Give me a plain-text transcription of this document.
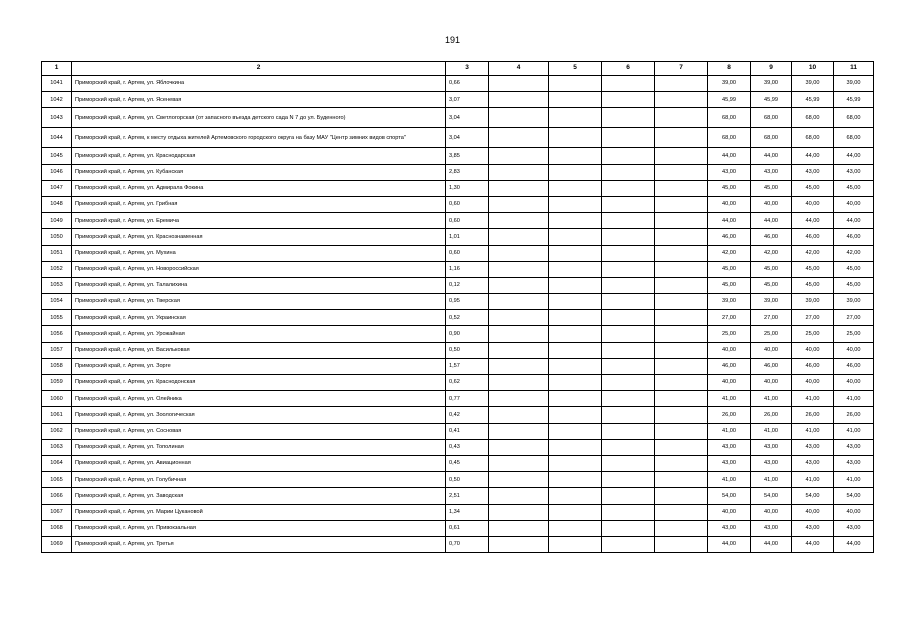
191
1	2	3	4	5	6	7	8	9	10	11
1041	Приморский край, г. Артем, ул. Яблочкина	0,66					39,00	39,00	39,00	39,00
1042	Приморский край, г. Артем, ул. Ясеневая	3,07					45,99	45,99	45,99	45,99
1043	Приморский край, г. Артем, ул. Светлогорская (от запасного въезда детского сада N 7 до ул. Буденного)	3,04					68,00	68,00	68,00	68,00
1044	Приморский край, г. Артем, к месту отдыха жителей Артемовского городского округа на базу МАУ "Центр зимних видов спорта"	3,04					68,00	68,00	68,00	68,00
1045	Приморский край, г. Артем, ул. Краснодарская	3,85					44,00	44,00	44,00	44,00
1046	Приморский край, г. Артем, ул. Кубанская	2,83					43,00	43,00	43,00	43,00
1047	Приморский край, г. Артем, ул. Адмирала Фокина	1,30					45,00	45,00	45,00	45,00
1048	Приморский край, г. Артем, ул. Грибная	0,60					40,00	40,00	40,00	40,00
1049	Приморский край, г. Артем, ул. Еремича	0,60					44,00	44,00	44,00	44,00
1050	Приморский край, г. Артем, ул. Краснознаменная	1,01					46,00	46,00	46,00	46,00
1051	Приморский край, г. Артем, ул. Мухина	0,60					42,00	42,00	42,00	42,00
1052	Приморский край, г. Артем, ул. Новороссийская	1,16					45,00	45,00	45,00	45,00
1053	Приморский край, г. Артем, ул. Талалихина	0,12					45,00	45,00	45,00	45,00
1054	Приморский край, г. Артем, ул. Тверская	0,95					39,00	39,00	39,00	39,00
1055	Приморский край, г. Артем, ул. Украинская	0,52					27,00	27,00	27,00	27,00
1056	Приморский край, г. Артем, ул. Урожайная	0,90					25,00	25,00	25,00	25,00
1057	Приморский край, г. Артем, ул. Васильковая	0,50					40,00	40,00	40,00	40,00
1058	Приморский край, г. Артем, ул. Зорге	1,57					46,00	46,00	46,00	46,00
1059	Приморский край, г. Артем, ул. Краснодонская	0,62					40,00	40,00	40,00	40,00
1060	Приморский край, г. Артем, ул. Олейника	0,77					41,00	41,00	41,00	41,00
1061	Приморский край, г. Артем, ул. Зоологическая	0,42					26,00	26,00	26,00	26,00
1062	Приморский край, г. Артем, ул. Сосновая	0,41					41,00	41,00	41,00	41,00
1063	Приморский край, г. Артем, ул. Тополиная	0,43					43,00	43,00	43,00	43,00
1064	Приморский край, г. Артем, ул. Авиационная	0,45					43,00	43,00	43,00	43,00
1065	Приморский край, г. Артем, ул. Голубичная	0,50					41,00	41,00	41,00	41,00
1066	Приморский край, г. Артем, ул. Заводская	2,51					54,00	54,00	54,00	54,00
1067	Приморский край, г. Артем, ул. Марии Цукановой	1,34					40,00	40,00	40,00	40,00
1068	Приморский край, г. Артем, ул. Привокзальная	0,61					43,00	43,00	43,00	43,00
1069	Приморский край, г. Артем, ул. Третья	0,70					44,00	44,00	44,00	44,00
